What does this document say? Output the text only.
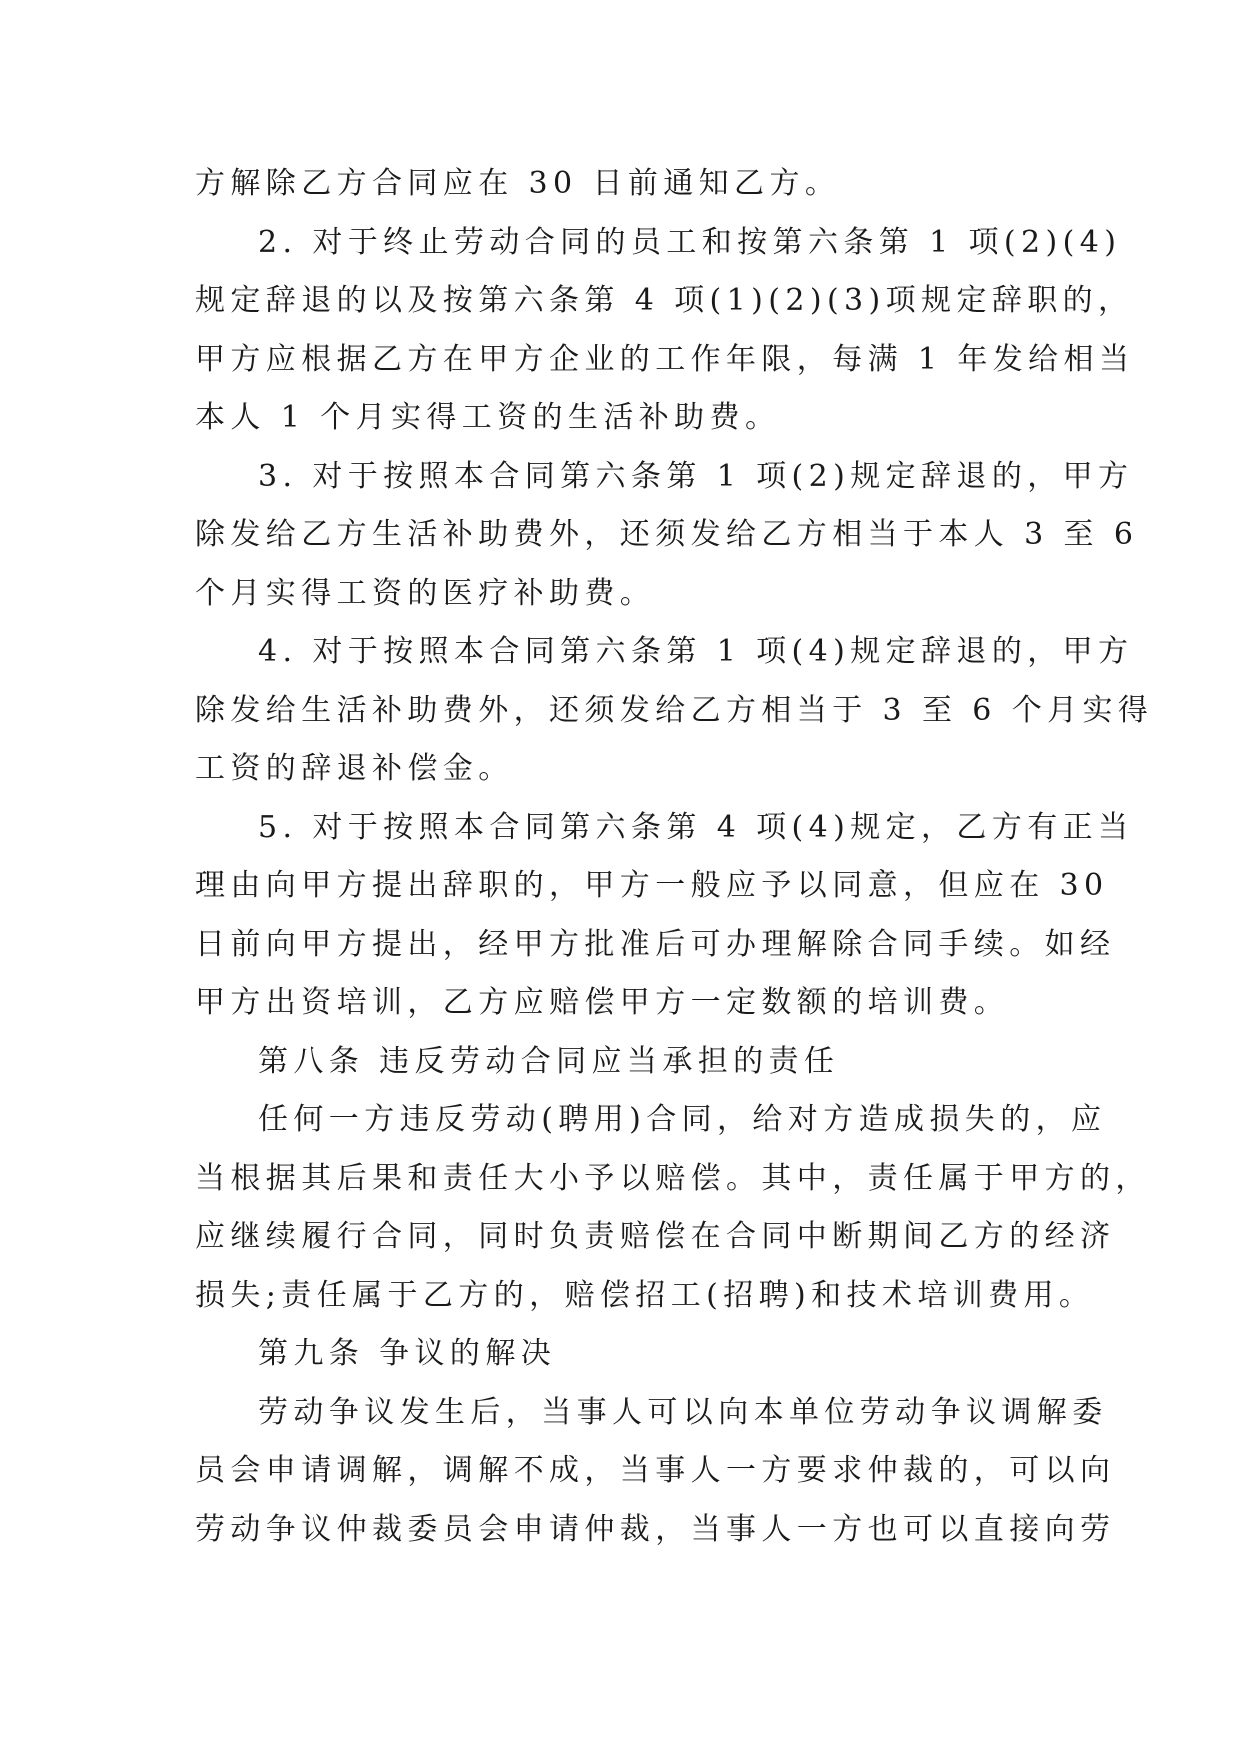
方解除乙方合同应在 30 日前通知乙方。
2. 对于终止劳动合同的员工和按第六条第 1 项(2)(4)
规定辞退的以及按第六条第 4 项(1)(2)(3)项规定辞职的，
甲方应根据乙方在甲方企业的工作年限，每满 1 年发给相当
本人 1 个月实得工资的生活补助费。
3. 对于按照本合同第六条第 1 项(2)规定辞退的，甲方
除发给乙方生活补助费外，还须发给乙方相当于本人 3 至 6
个月实得工资的医疗补助费。
4. 对于按照本合同第六条第 1 项(4)规定辞退的，甲方
除发给生活补助费外，还须发给乙方相当于 3 至 6 个月实得
工资的辞退补偿金。
5. 对于按照本合同第六条第 4 项(4)规定，乙方有正当
理由向甲方提出辞职的，甲方一般应予以同意，但应在 30
日前向甲方提出，经甲方批准后可办理解除合同手续。如经
甲方出资培训，乙方应赔偿甲方一定数额的培训费。
第八条 违反劳动合同应当承担的责任
任何一方违反劳动(聘用)合同，给对方造成损失的，应
当根据其后果和责任大小予以赔偿。其中，责任属于甲方的，
应继续履行合同，同时负责赔偿在合同中断期间乙方的经济
损失;责任属于乙方的，赔偿招工(招聘)和技术培训费用。
第九条 争议的解决
劳动争议发生后，当事人可以向本单位劳动争议调解委
员会申请调解，调解不成，当事人一方要求仲裁的，可以向
劳动争议仲裁委员会申请仲裁，当事人一方也可以直接向劳
